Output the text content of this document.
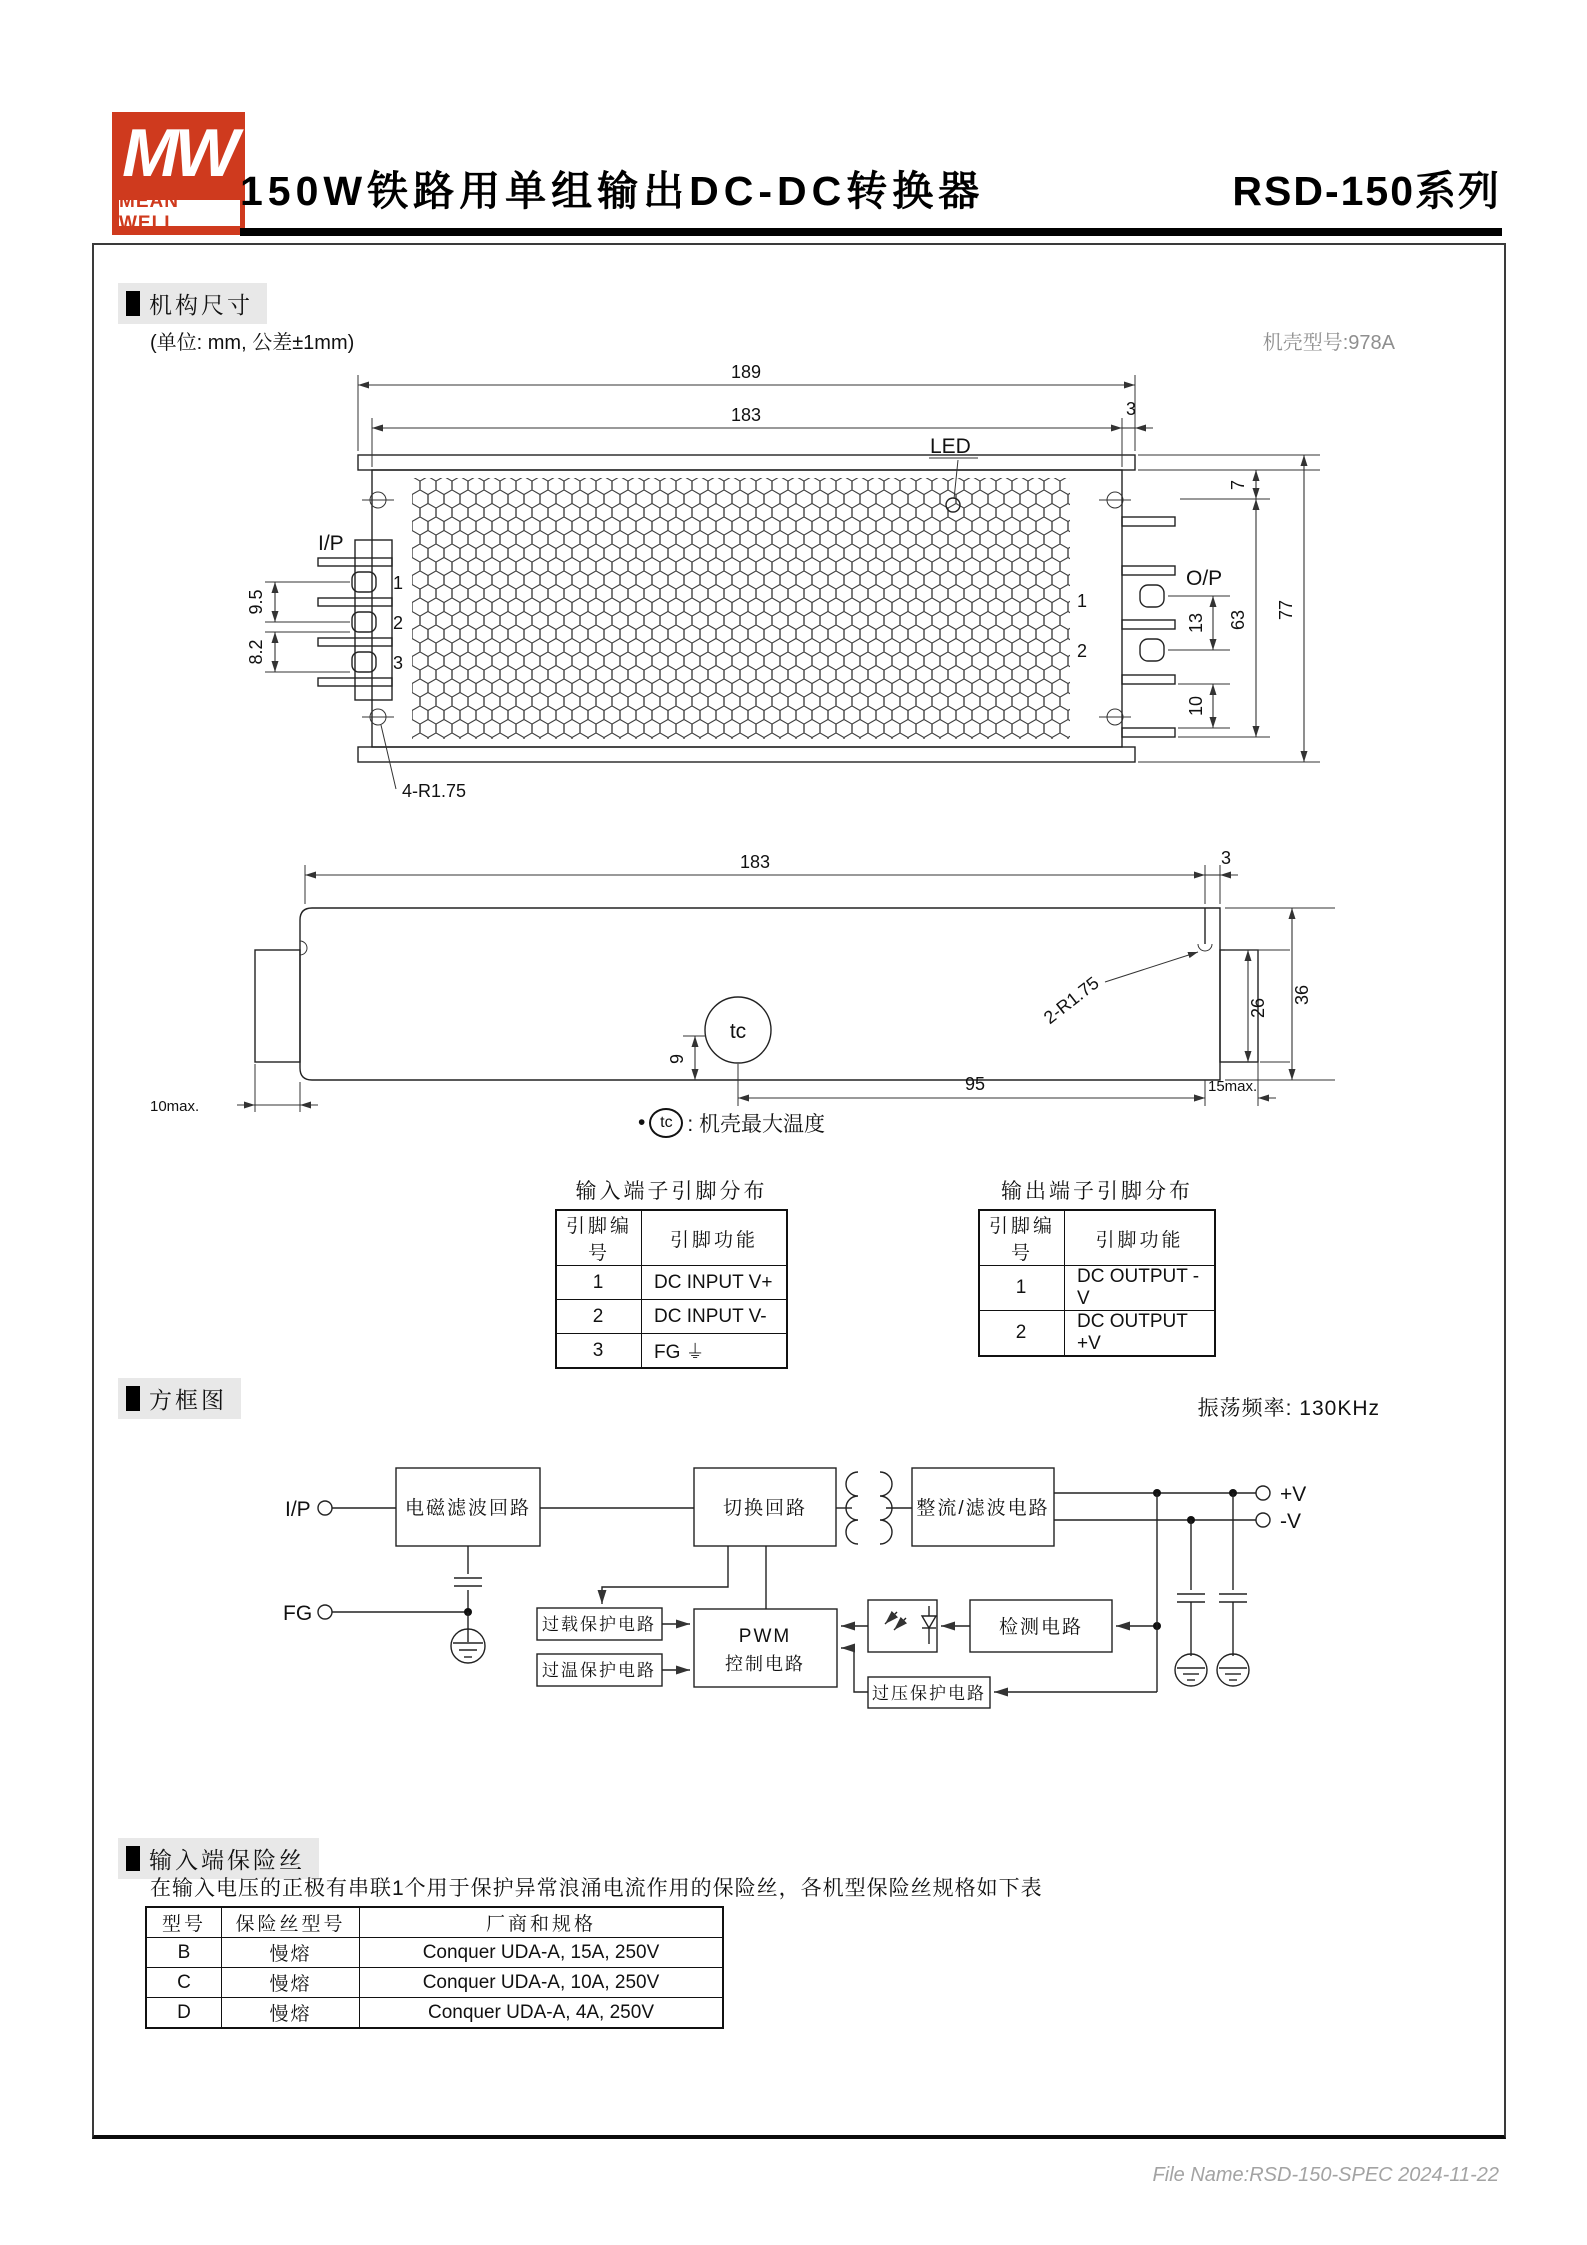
MW
MEAN WELL
150W铁路用单组输出DC-DC转换器	RSD-150系列
机构尺寸
(单位: mm, 公差±1mm)	机壳型号:978A
LED
189
183	3
I/P
1
2
3
9.5
8.2
O/P
1
2
13
10
7
63 77
4-R1.75
183	3
2-R1.75	26
36
tc
9
95	15max.
10max.
• tc : 机壳最大温度
输入端子引脚分布
引脚编号	引脚功能
1	DC INPUT V+
2	DC INPUT V-
3	FG ⏚
输出端子引脚分布
引脚编号	引脚功能
1	DC OUTPUT -V
2	DC OUTPUT +V
方框图	振荡频率: 130KHz
I/P	电磁滤波回路
FG
切换回路	整流/滤波电路
+V
-V
过载保护电路
过温保护电路
PWM
控制电路
检测电路
过压保护电路
输入端保险丝
在输入电压的正极有串联1个用于保护异常浪涌电流作用的保险丝，各机型保险丝规格如下表
型号	保险丝型号	厂商和规格
B	慢熔	Conquer UDA-A, 15A, 250V
C	慢熔	Conquer UDA-A, 10A, 250V
D	慢熔	Conquer UDA-A, 4A, 250V
File Name:RSD-150-SPEC 2024-11-22
